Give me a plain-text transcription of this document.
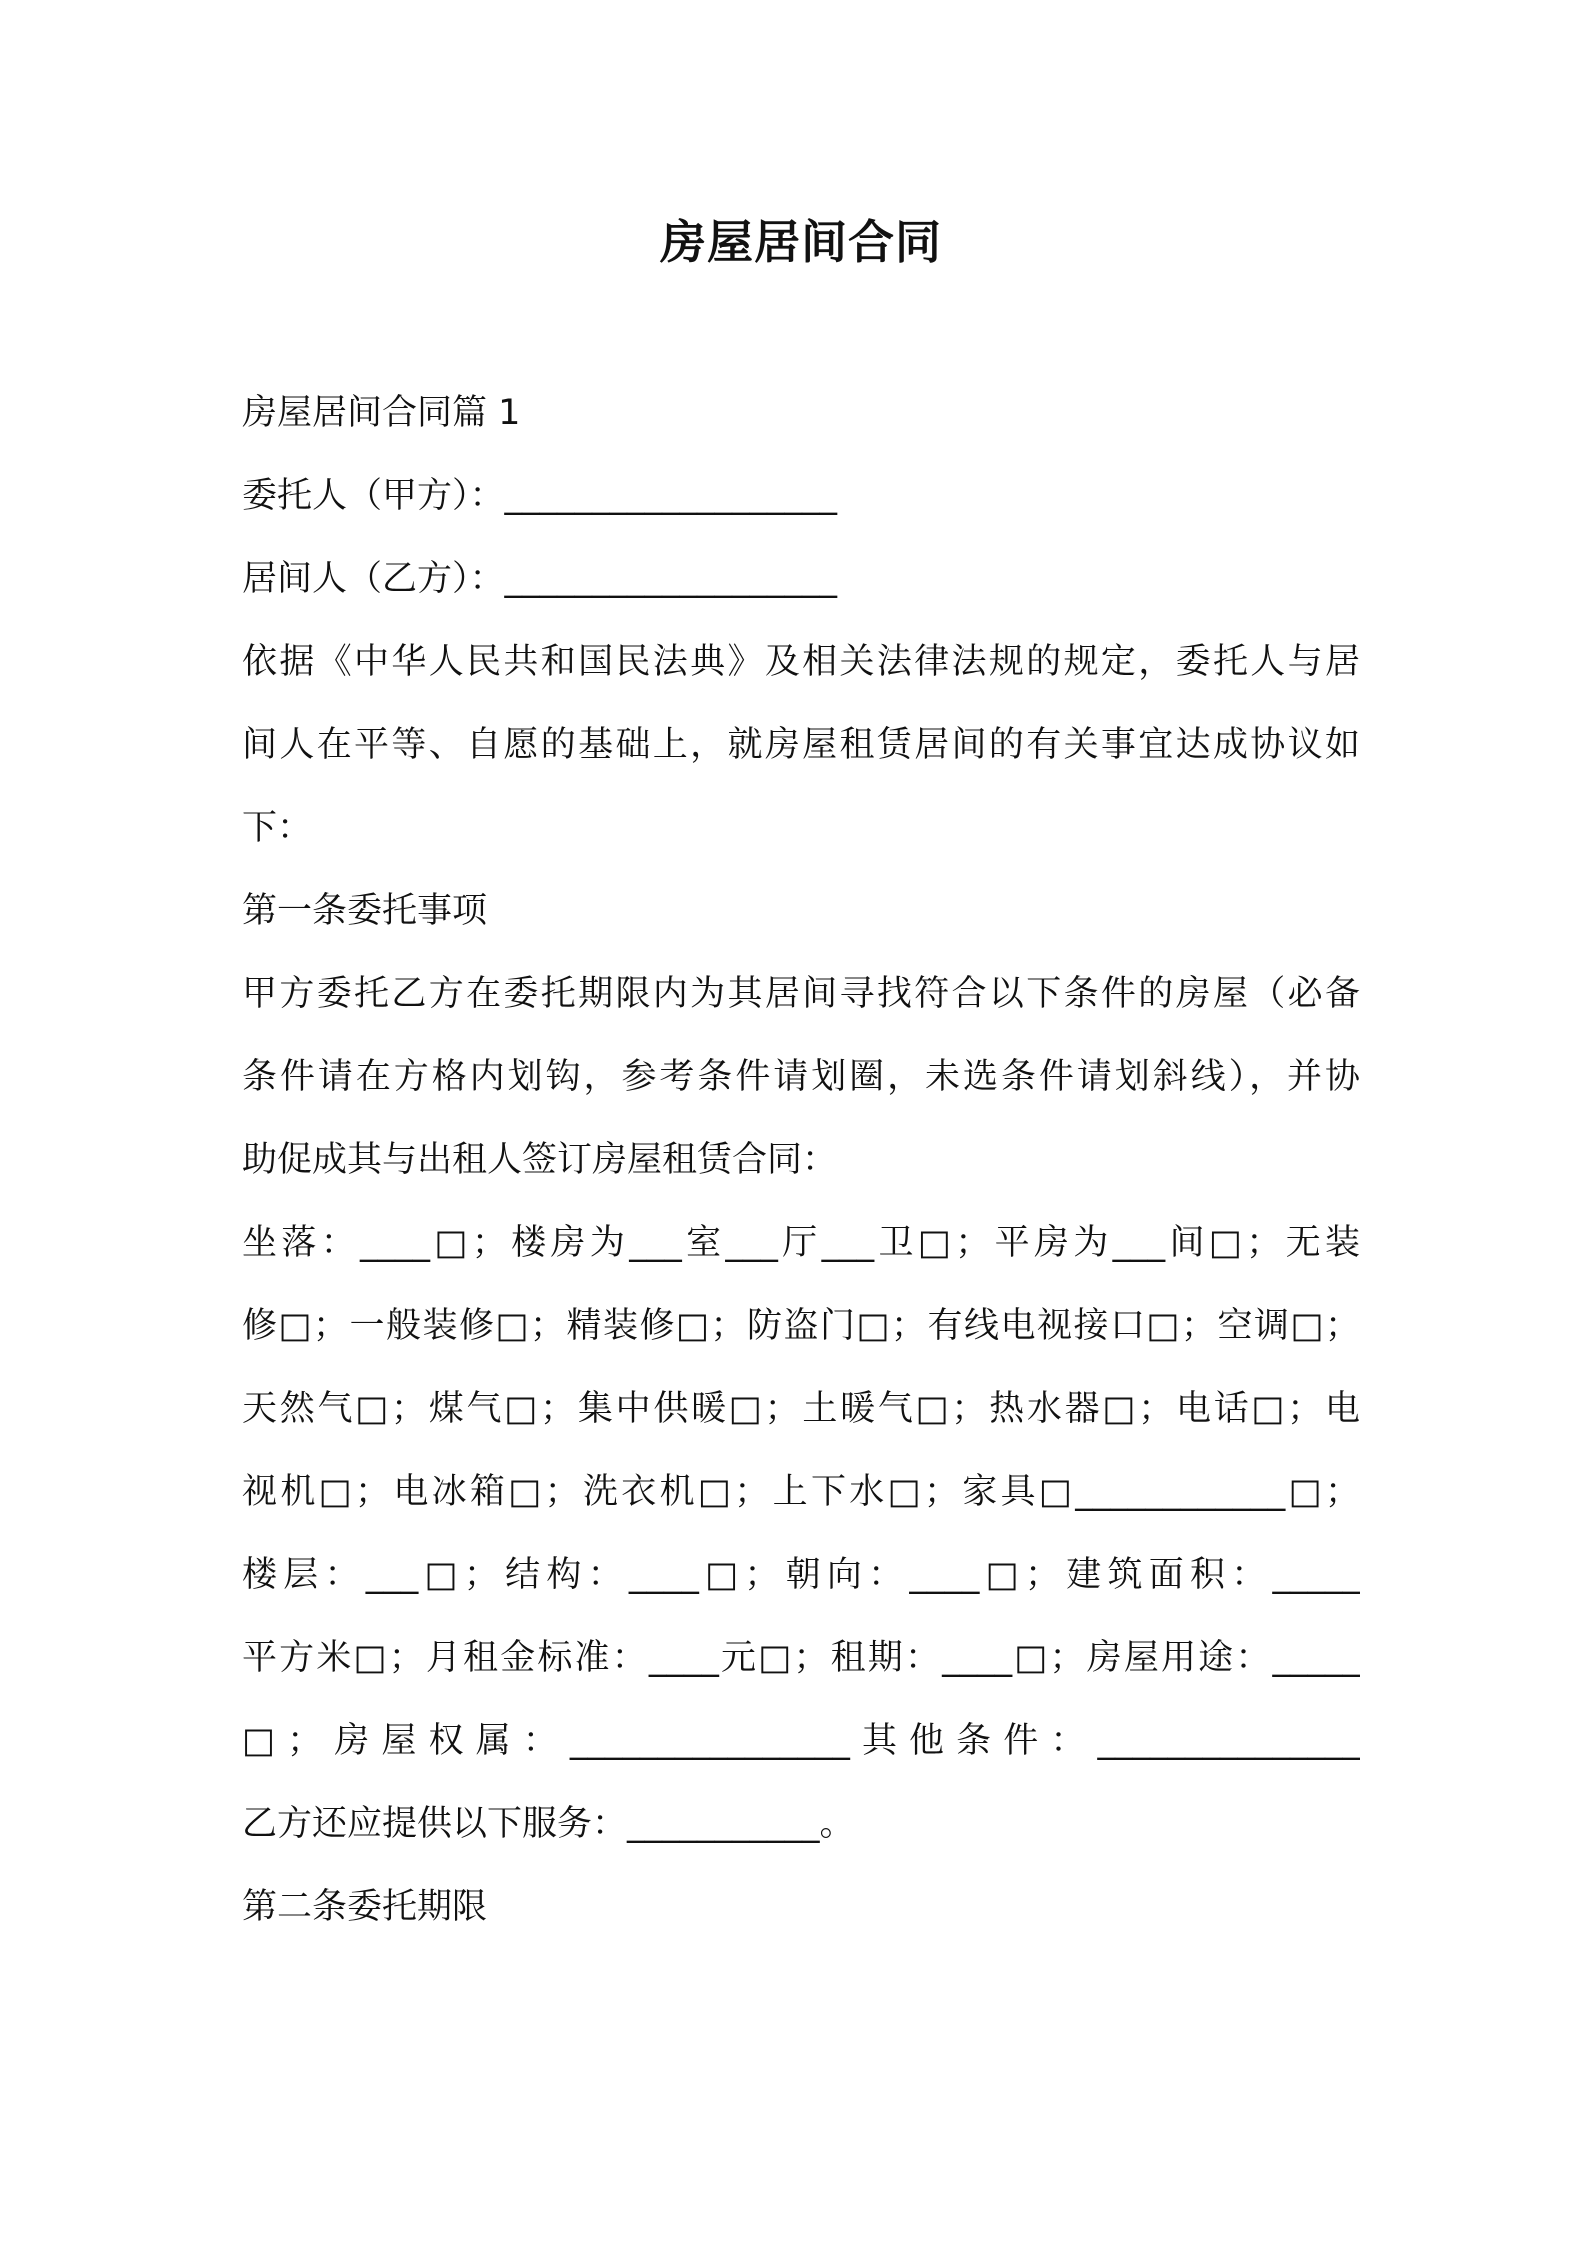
房屋居间合同

房屋居间合同篇 1

委托人（甲方）：___________________

居间人（乙方）：___________________

依据《中华人民共和国民法典》及相关法律法规的规定，委托人与居

间人在平等、自愿的基础上，就房屋租赁居间的有关事宜达成协议如

下：

第一条委托事项

甲方委托乙方在委托期限内为其居间寻找符合以下条件的房屋（必备

条件请在方格内划钩，参考条件请划圈，未选条件请划斜线），并协

助促成其与出租人签订房屋租赁合同：

坐落：____□；楼房为___室___厅___卫□；平房为___间□；无装

修□；一般装修□；精装修□；防盗门□；有线电视接口□；空调□；

天然气□；煤气□；集中供暖□；土暖气□；热水器□；电话□；电

视机□；电冰箱□；洗衣机□；上下水□；家具□____________□；

楼层：___□；结构：____□；朝向：____□；建筑面积：_____

平方米□；月租金标准：____元□；租期：____□；房屋用途：_____

□；房屋权属：________________其他条件：_______________

乙方还应提供以下服务：___________。

第二条委托期限
